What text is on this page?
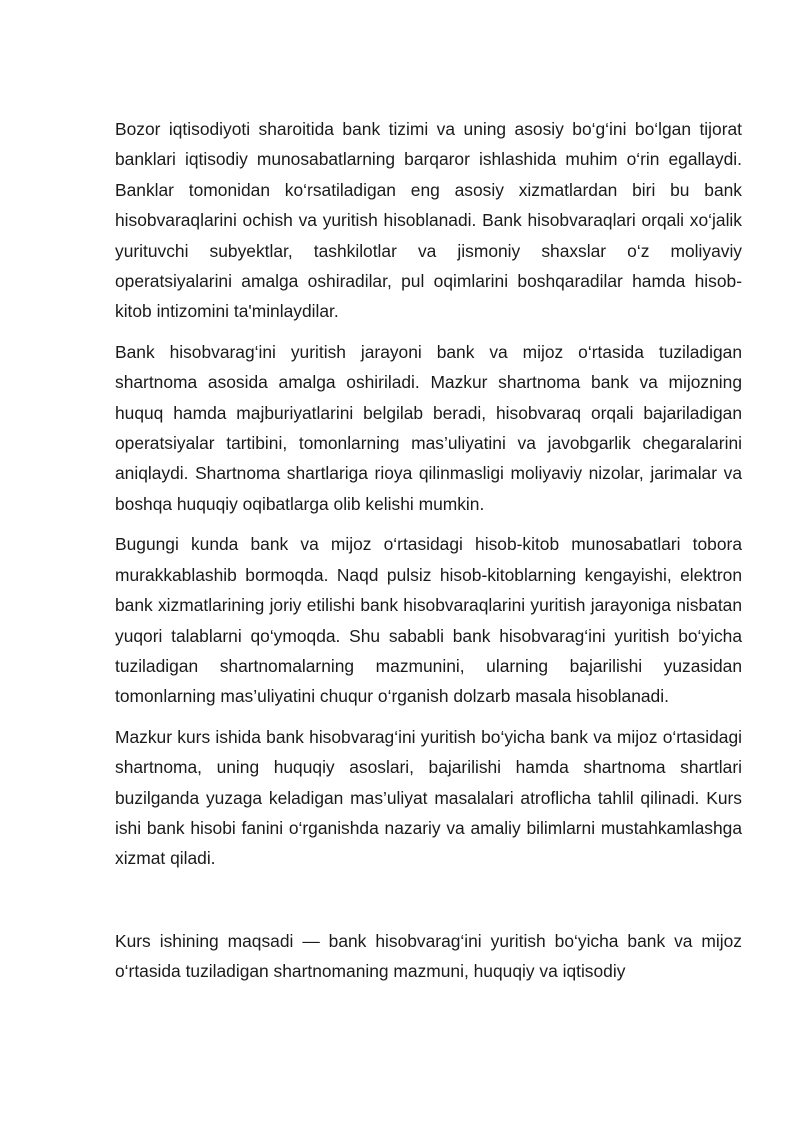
Bozor iqtisodiyoti sharoitida bank tizimi va uning asosiy bo‘g‘ini bo‘lgan tijorat banklari iqtisodiy munosabatlarning barqaror ishlashida muhim o‘rin egallaydi. Banklar tomonidan ko‘rsatiladigan eng asosiy xizmatlardan biri bu bank hisobvaraqlarini ochish va yuritish hisoblanadi. Bank hisobvaraqlari orqali xo‘jalik yurituvchi subyektlar, tashkilotlar va jismoniy shaxslar o‘z moliyaviy operatsiyalarini amalga oshiradilar, pul oqimlarini boshqaradilar hamda hisob-kitob intizomini ta'minlaydilar.

Bank hisobvarag‘ini yuritish jarayoni bank va mijoz o‘rtasida tuziladigan shartnoma asosida amalga oshiriladi. Mazkur shartnoma bank va mijozning huquq hamda majburiyatlarini belgilab beradi, hisobvaraq orqali bajariladigan operatsiyalar tartibini, tomonlarning mas’uliyatini va javobgarlik chegaralarini aniqlaydi. Shartnoma shartlariga rioya qilinmasligi moliyaviy nizolar, jarimalar va boshqa huquqiy oqibatlarga olib kelishi mumkin.

Bugungi kunda bank va mijoz o‘rtasidagi hisob-kitob munosabatlari tobora murakkablashib bormoqda. Naqd pulsiz hisob-kitoblarning kengayishi, elektron bank xizmatlarining joriy etilishi bank hisobvaraqlarini yuritish jarayoniga nisbatan yuqori talablarni qo‘ymoqda. Shu sababli bank hisobvarag‘ini yuritish bo‘yicha tuziladigan shartnomalarning mazmunini, ularning bajarilishi yuzasidan tomonlarning mas’uliyatini chuqur o‘rganish dolzarb masala hisoblanadi.

Mazkur kurs ishida bank hisobvarag‘ini yuritish bo‘yicha bank va mijoz o‘rtasidagi shartnoma, uning huquqiy asoslari, bajarilishi hamda shartnoma shartlari buzilganda yuzaga keladigan mas’uliyat masalalari atroflicha tahlil qilinadi. Kurs ishi bank hisobi fanini o‘rganishda nazariy va amaliy bilimlarni mustahkamlashga xizmat qiladi.

Kurs ishining maqsadi — bank hisobvarag‘ini yuritish bo‘yicha bank va mijoz o‘rtasida tuziladigan shartnomaning mazmuni, huquqiy va iqtisodiy
